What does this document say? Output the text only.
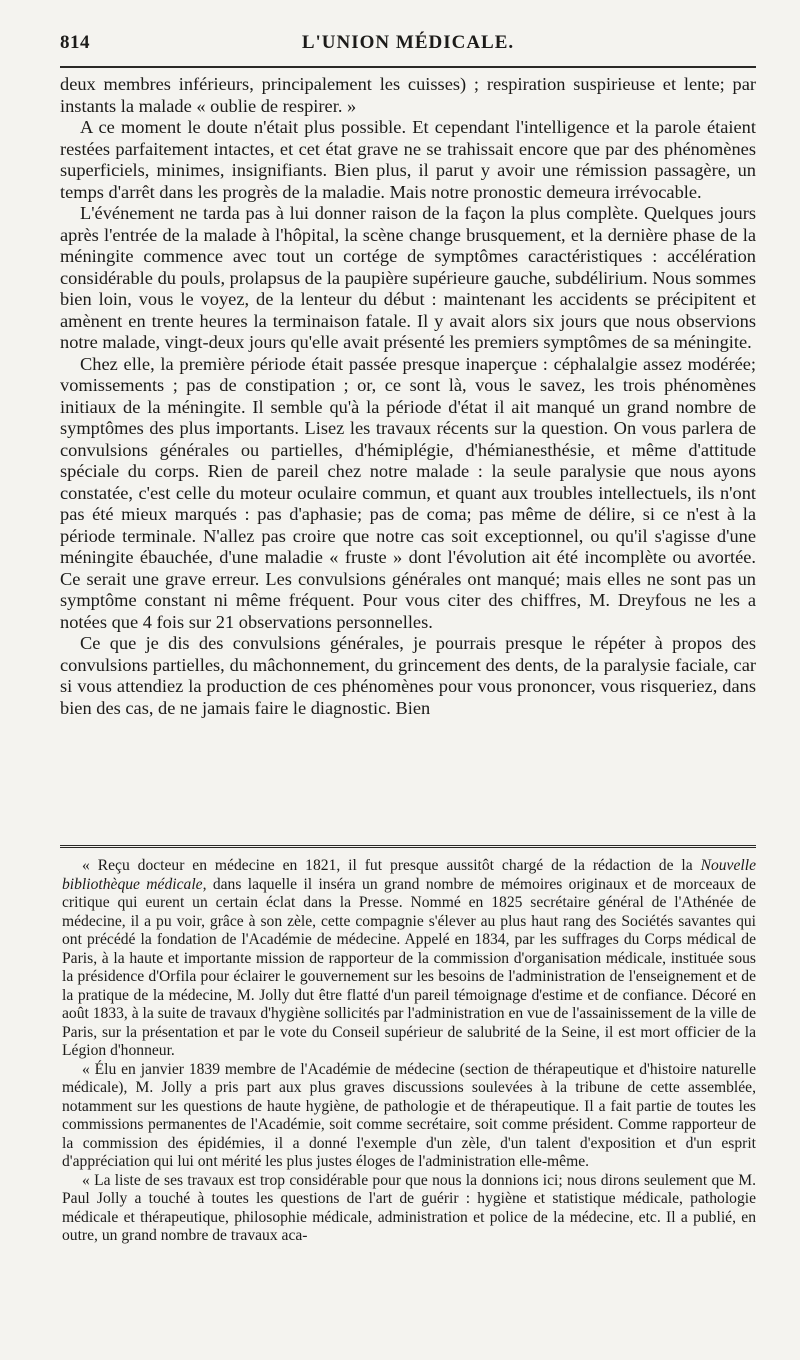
814	L'UNION MÉDICALE.

deux membres inférieurs, principalement les cuisses) ; respiration suspirieuse et lente; par instants la malade « oublie de respirer. »

A ce moment le doute n'était plus possible. Et cependant l'intelligence et la parole étaient restées parfaitement intactes, et cet état grave ne se trahissait encore que par des phénomènes superficiels, minimes, insignifiants. Bien plus, il parut y avoir une rémission passagère, un temps d'arrêt dans les progrès de la maladie. Mais notre pronostic demeura irrévocable.

L'événement ne tarda pas à lui donner raison de la façon la plus complète. Quelques jours après l'entrée de la malade à l'hôpital, la scène change brusquement, et la dernière phase de la méningite commence avec tout un cortége de symptômes caractéristiques : accélération considérable du pouls, prolapsus de la paupière supérieure gauche, subdélirium. Nous sommes bien loin, vous le voyez, de la lenteur du début : maintenant les accidents se précipitent et amènent en trente heures la terminaison fatale. Il y avait alors six jours que nous observions notre malade, vingt-deux jours qu'elle avait présenté les premiers symptômes de sa méningite.

Chez elle, la première période était passée presque inaperçue : céphalalgie assez modérée; vomissements ; pas de constipation ; or, ce sont là, vous le savez, les trois phénomènes initiaux de la méningite. Il semble qu'à la période d'état il ait manqué un grand nombre de symptômes des plus importants. Lisez les travaux récents sur la question. On vous parlera de convulsions générales ou partielles, d'hémiplégie, d'hémianesthésie, et même d'attitude spéciale du corps. Rien de pareil chez notre malade : la seule paralysie que nous ayons constatée, c'est celle du moteur oculaire commun, et quant aux troubles intellectuels, ils n'ont pas été mieux marqués : pas d'aphasie; pas de coma; pas même de délire, si ce n'est à la période terminale. N'allez pas croire que notre cas soit exceptionnel, ou qu'il s'agisse d'une méningite ébauchée, d'une maladie « fruste » dont l'évolution ait été incomplète ou avortée. Ce serait une grave erreur. Les convulsions générales ont manqué; mais elles ne sont pas un symptôme constant ni même fréquent. Pour vous citer des chiffres, M. Dreyfous ne les a notées que 4 fois sur 21 observations personnelles.

Ce que je dis des convulsions générales, je pourrais presque le répéter à propos des convulsions partielles, du mâchonnement, du grincement des dents, de la paralysie faciale, car si vous attendiez la production de ces phénomènes pour vous prononcer, vous risqueriez, dans bien des cas, de ne jamais faire le diagnostic. Bien

« Reçu docteur en médecine en 1821, il fut presque aussitôt chargé de la rédaction de la Nouvelle bibliothèque médicale, dans laquelle il inséra un grand nombre de mémoires originaux et de morceaux de critique qui eurent un certain éclat dans la Presse. Nommé en 1825 secrétaire général de l'Athénée de médecine, il a pu voir, grâce à son zèle, cette compagnie s'élever au plus haut rang des Sociétés savantes qui ont précédé la fondation de l'Académie de médecine. Appelé en 1834, par les suffrages du Corps médical de Paris, à la haute et importante mission de rapporteur de la commission d'organisation médicale, instituée sous la présidence d'Orfila pour éclairer le gouvernement sur les besoins de l'administration de l'enseignement et de la pratique de la médecine, M. Jolly dut être flatté d'un pareil témoignage d'estime et de confiance. Décoré en août 1833, à la suite de travaux d'hygiène sollicités par l'administration en vue de l'assainissement de la ville de Paris, sur la présentation et par le vote du Conseil supérieur de salubrité de la Seine, il est mort officier de la Légion d'honneur.

« Élu en janvier 1839 membre de l'Académie de médecine (section de thérapeutique et d'histoire naturelle médicale), M. Jolly a pris part aux plus graves discussions soulevées à la tribune de cette assemblée, notamment sur les questions de haute hygiène, de pathologie et de thérapeutique. Il a fait partie de toutes les commissions permanentes de l'Académie, soit comme secrétaire, soit comme président. Comme rapporteur de la commission des épidémies, il a donné l'exemple d'un zèle, d'un talent d'exposition et d'un esprit d'appréciation qui lui ont mérité les plus justes éloges de l'administration elle-même.

« La liste de ses travaux est trop considérable pour que nous la donnions ici; nous dirons seulement que M. Paul Jolly a touché à toutes les questions de l'art de guérir : hygiène et statistique médicale, pathologie médicale et thérapeutique, philosophie médicale, administration et police de la médecine, etc. Il a publié, en outre, un grand nombre de travaux aca-
